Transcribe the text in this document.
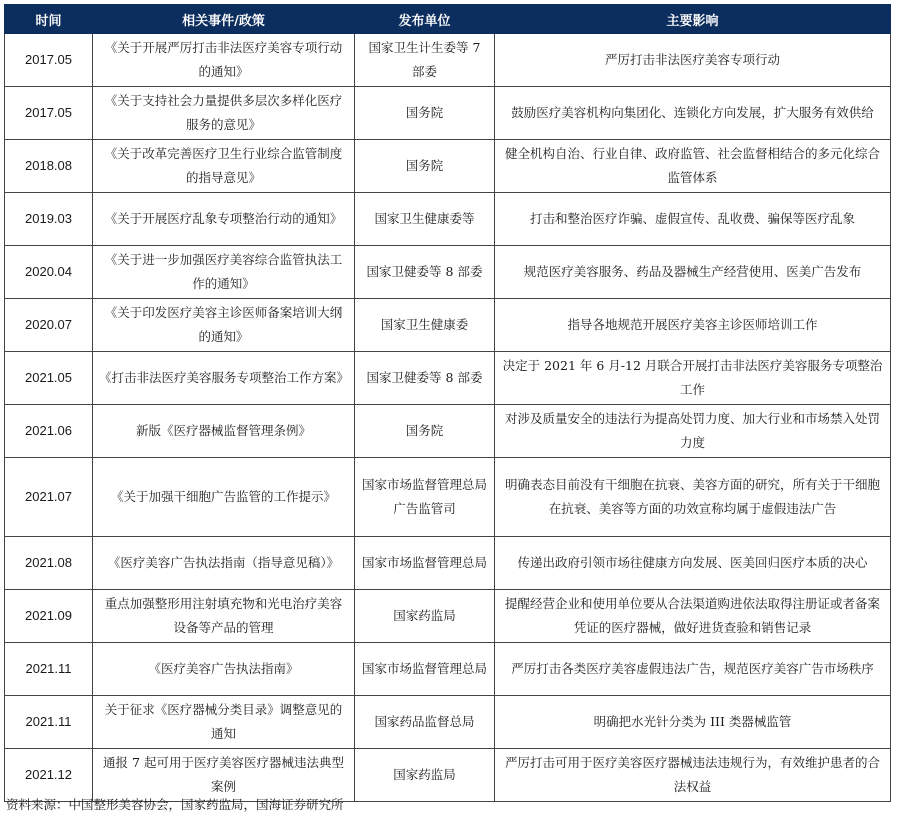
时间	相关事件/政策	发布单位	主要影响
2017.05	《关于开展严厉打击非法医疗美容专项行动的通知》	国家卫生计生委等 7 部委	严厉打击非法医疗美容专项行动
2017.05	《关于支持社会力量提供多层次多样化医疗服务的意见》	国务院	鼓励医疗美容机构向集团化、连锁化方向发展，扩大服务有效供给
2018.08	《关于改革完善医疗卫生行业综合监管制度的指导意见》	国务院	健全机构自治、行业自律、政府监管、社会监督相结合的多元化综合监管体系
2019.03	《关于开展医疗乱象专项整治行动的通知》	国家卫生健康委等	打击和整治医疗诈骗、虚假宣传、乱收费、骗保等医疗乱象
2020.04	《关于进一步加强医疗美容综合监管执法工作的通知》	国家卫健委等 8 部委	规范医疗美容服务、药品及器械生产经营使用、医美广告发布
2020.07	《关于印发医疗美容主诊医师备案培训大纲的通知》	国家卫生健康委	指导各地规范开展医疗美容主诊医师培训工作
2021.05	《打击非法医疗美容服务专项整治工作方案》	国家卫健委等 8 部委	决定于 2021 年 6 月-12 月联合开展打击非法医疗美容服务专项整治工作
2021.06	新版《医疗器械监督管理条例》	国务院	对涉及质量安全的违法行为提高处罚力度、加大行业和市场禁入处罚力度
2021.07	《关于加强干细胞广告监管的工作提示》	国家市场监督管理总局广告监管司	明确表态目前没有干细胞在抗衰、美容方面的研究，所有关于干细胞在抗衰、美容等方面的功效宣称均属于虚假违法广告
2021.08	《医疗美容广告执法指南（指导意见稿）》	国家市场监督管理总局	传递出政府引领市场往健康方向发展、医美回归医疗本质的决心
2021.09	重点加强整形用注射填充物和光电治疗美容设备等产品的管理	国家药监局	提醒经营企业和使用单位要从合法渠道购进依法取得注册证或者备案凭证的医疗器械，做好进货查验和销售记录
2021.11	《医疗美容广告执法指南》	国家市场监督管理总局	严厉打击各类医疗美容虚假违法广告，规范医疗美容广告市场秩序
2021.11	关于征求《医疗器械分类目录》调整意见的通知	国家药品监督总局	明确把水光针分类为 III 类器械监管
2021.12	通报 7 起可用于医疗美容医疗器械违法典型案例	国家药监局	严厉打击可用于医疗美容医疗器械违法违规行为，有效维护患者的合法权益
资料来源：中国整形美容协会，国家药监局，国海证券研究所
